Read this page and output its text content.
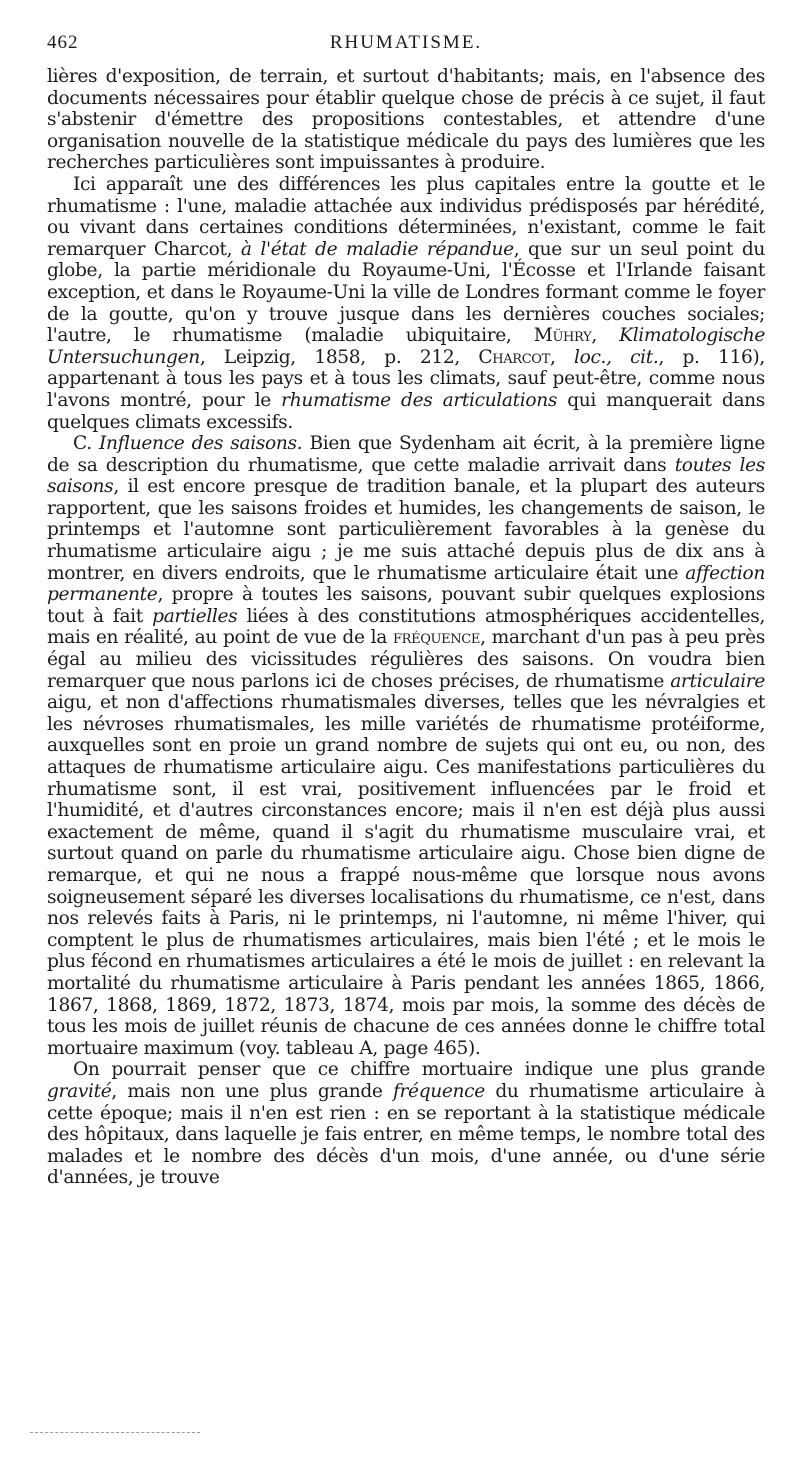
462	RHUMATISME.

lières d'exposition, de terrain, et surtout d'habitants; mais, en l'absence des documents nécessaires pour établir quelque chose de précis à ce sujet, il faut s'abstenir d'émettre des propositions contestables, et attendre d'une organisation nouvelle de la statistique médicale du pays des lumières que les recherches particulières sont impuissantes à produire.

Ici apparaît une des différences les plus capitales entre la goutte et le rhumatisme : l'une, maladie attachée aux individus prédisposés par hérédité, ou vivant dans certaines conditions déterminées, n'existant, comme le fait remarquer Charcot, à l'état de maladie répandue, que sur un seul point du globe, la partie méridionale du Royaume-Uni, l'Écosse et l'Irlande faisant exception, et dans le Royaume-Uni la ville de Londres formant comme le foyer de la goutte, qu'on y trouve jusque dans les dernières couches sociales; l'autre, le rhumatisme (maladie ubiquitaire, Mühry, Klimatologische Untersuchungen, Leipzig, 1858, p. 212, Charcot, loc., cit., p. 116), appartenant à tous les pays et à tous les climats, sauf peut-être, comme nous l'avons montré, pour le rhumatisme des articulations qui manquerait dans quelques climats excessifs.

C. Influence des saisons. Bien que Sydenham ait écrit, à la première ligne de sa description du rhumatisme, que cette maladie arrivait dans toutes les saisons, il est encore presque de tradition banale, et la plupart des auteurs rapportent, que les saisons froides et humides, les changements de saison, le printemps et l'automne sont particulièrement favorables à la genèse du rhumatisme articulaire aigu ; je me suis attaché depuis plus de dix ans à montrer, en divers endroits, que le rhumatisme articulaire était une affection permanente, propre à toutes les saisons, pouvant subir quelques explosions tout à fait partielles liées à des constitutions atmosphériques accidentelles, mais en réalité, au point de vue de la fréquence, marchant d'un pas à peu près égal au milieu des vicissitudes régulières des saisons. On voudra bien remarquer que nous parlons ici de choses précises, de rhumatisme articulaire aigu, et non d'affections rhumatismales diverses, telles que les névralgies et les névroses rhumatismales, les mille variétés de rhumatisme protéiforme, auxquelles sont en proie un grand nombre de sujets qui ont eu, ou non, des attaques de rhumatisme articulaire aigu. Ces manifestations particulières du rhumatisme sont, il est vrai, positivement influencées par le froid et l'humidité, et d'autres circonstances encore; mais il n'en est déjà plus aussi exactement de même, quand il s'agit du rhumatisme musculaire vrai, et surtout quand on parle du rhumatisme articulaire aigu. Chose bien digne de remarque, et qui ne nous a frappé nous-même que lorsque nous avons soigneusement séparé les diverses localisations du rhumatisme, ce n'est, dans nos relevés faits à Paris, ni le printemps, ni l'automne, ni même l'hiver, qui comptent le plus de rhumatismes articulaires, mais bien l'été ; et le mois le plus fécond en rhumatismes articulaires a été le mois de juillet : en relevant la mortalité du rhumatisme articulaire à Paris pendant les années 1865, 1866, 1867, 1868, 1869, 1872, 1873, 1874, mois par mois, la somme des décès de tous les mois de juillet réunis de chacune de ces années donne le chiffre total mortuaire maximum (voy. tableau A, page 465).

On pourrait penser que ce chiffre mortuaire indique une plus grande gravité, mais non une plus grande fréquence du rhumatisme articulaire à cette époque; mais il n'en est rien : en se reportant à la statistique médicale des hôpitaux, dans laquelle je fais entrer, en même temps, le nombre total des malades et le nombre des décès d'un mois, d'une année, ou d'une série d'années, je trouve
